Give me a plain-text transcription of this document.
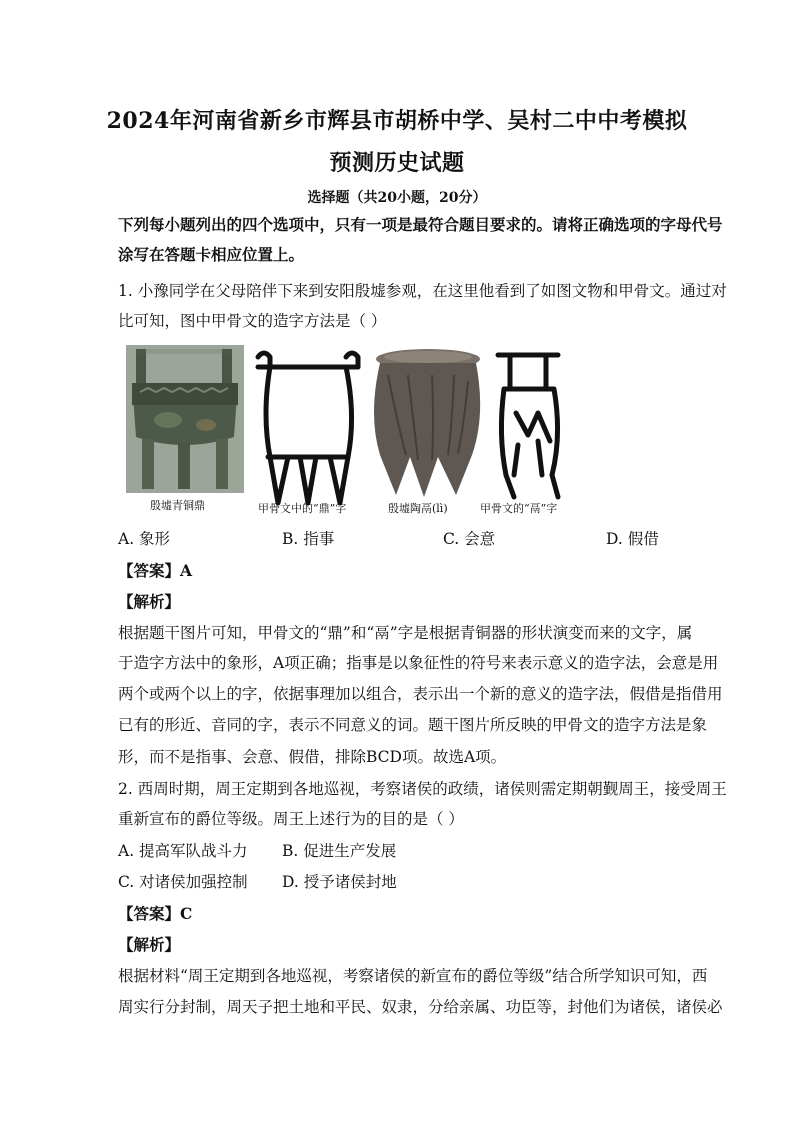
2024年河南省新乡市辉县市胡桥中学、吴村二中中考模拟
预测历史试题
选择题（共20小题，20分）
下列每小题列出的四个选项中，只有一项是最符合题目要求的。请将正确选项的字母代号
涂写在答题卡相应位置上。
1. 小豫同学在父母陪伴下来到安阳殷墟参观，在这里他看到了如图文物和甲骨文。通过对
比可知，图中甲骨文的造字方法是（ ）
殷墟青铜鼎	甲骨文中的“鼎”字	殷墟陶鬲(lì)	甲骨文的“鬲”字
A. 象形	B. 指事	C. 会意	D. 假借
【答案】A
【解析】
根据题干图片可知，甲骨文的“鼎”和“鬲”字是根据青铜器的形状演变而来的文字，属
于造字方法中的象形，A项正确；指事是以象征性的符号来表示意义的造字法，会意是用
两个或两个以上的字，依据事理加以组合，表示出一个新的意义的造字法，假借是指借用
已有的形近、音同的字，表示不同意义的词。题干图片所反映的甲骨文的造字方法是象
形，而不是指事、会意、假借，排除BCD项。故选A项。
2. 西周时期，周王定期到各地巡视，考察诸侯的政绩，诸侯则需定期朝觐周王，接受周王
重新宣布的爵位等级。周王上述行为的目的是（ ）
A. 提高军队战斗力 B. 促进生产发展
C. 对诸侯加强控制 D. 授予诸侯封地
【答案】C
【解析】
根据材料“周王定期到各地巡视，考察诸侯的新宣布的爵位等级”结合所学知识可知，西
周实行分封制，周天子把土地和平民、奴隶，分给亲属、功臣等，封他们为诸侯，诸侯必
